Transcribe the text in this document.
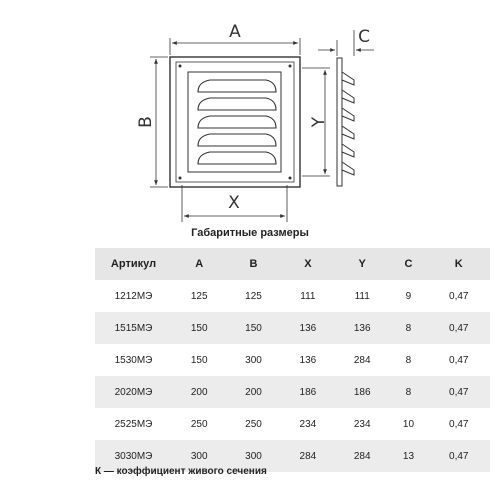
A
B
X
Y
C
Габаритные размеры
Артикул	A	B	X	Y	C	K
1212МЭ	125	125	111	111	9	0,47
1515МЭ	150	150	136	136	8	0,47
1530МЭ	150	300	136	284	8	0,47
2020МЭ	200	200	186	186	8	0,47
2525МЭ	250	250	234	234	10	0,47
3030МЭ	300	300	284	284	13	0,47
К — коэффициент живого сечения
